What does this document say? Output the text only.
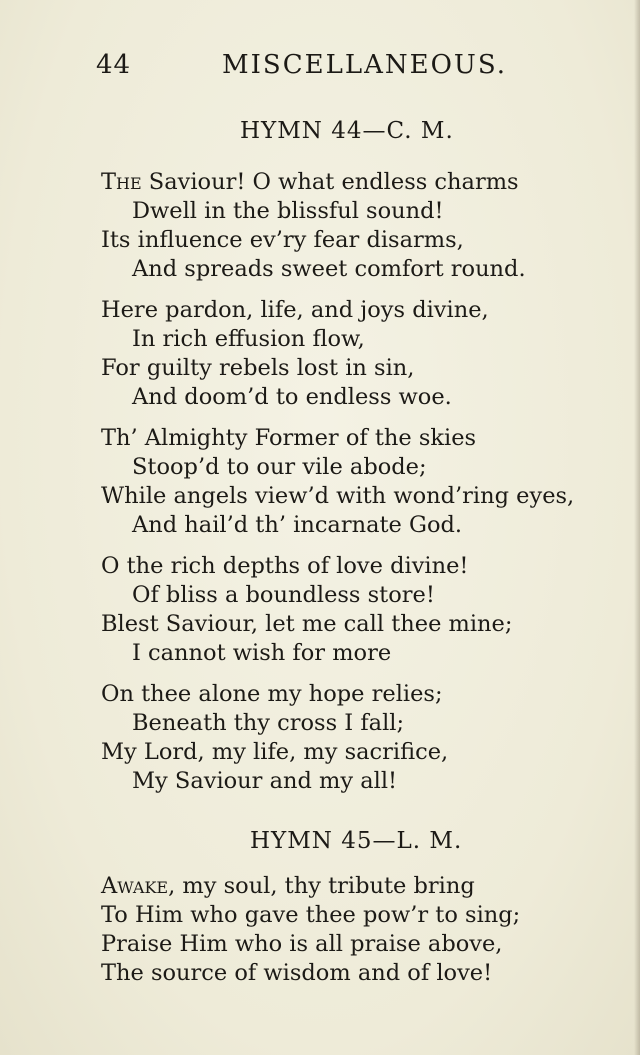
44	MISCELLANEOUS.
HYMN 44—C. M.
The Saviour! O what endless charms
Dwell in the blissful sound!
Its influence ev’ry fear disarms,
And spreads sweet comfort round.
Here pardon, life, and joys divine,
In rich effusion flow,
For guilty rebels lost in sin,
And doom’d to endless woe.
Th’ Almighty Former of the skies
Stoop’d to our vile abode;
While angels view’d with wond’ring eyes,
And hail’d th’ incarnate God.
O the rich depths of love divine!
Of bliss a boundless store!
Blest Saviour, let me call thee mine;
I cannot wish for more
On thee alone my hope relies;
Beneath thy cross I fall;
My Lord, my life, my sacrifice,
My Saviour and my all!
HYMN 45—L. M.
Awake, my soul, thy tribute bring
To Him who gave thee pow’r to sing;
Praise Him who is all praise above,
The source of wisdom and of love!
